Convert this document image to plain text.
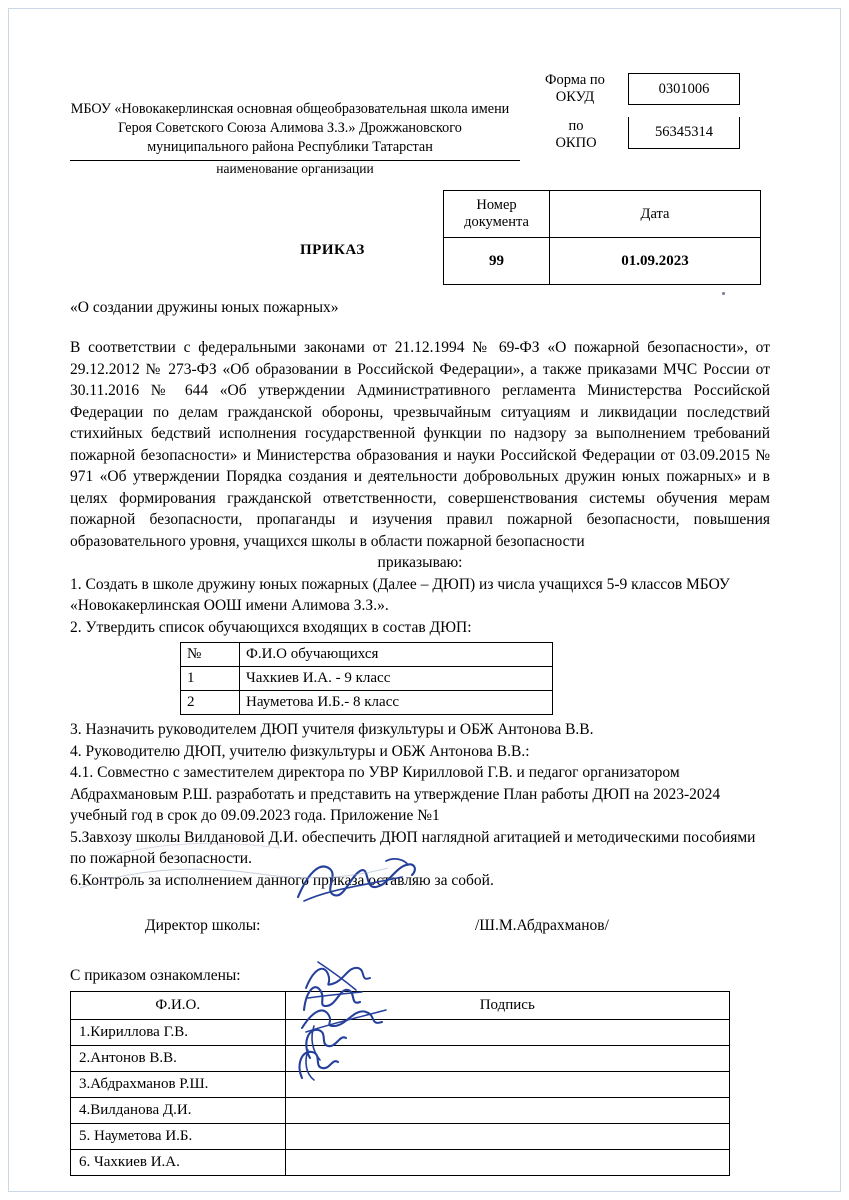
Форма по
ОКУД
0301006
по
ОКПО
56345314
МБОУ «Новокакерлинская основная общеобразовательная школа имени Героя Советского Союза Алимова З.З.» Дрожжановского муниципального района Республики Татарстан
наименование организации
Номер
документа	Дата
99	01.09.2023
ПРИКАЗ
«О создании дружины юных пожарных»
В соответствии с федеральными законами от 21.12.1994 № 69-ФЗ «О пожарной безопасности», от 29.12.2012 № 273-ФЗ «Об образовании в Российской Федерации», а также приказами МЧС России от 30.11.2016 № 644 «Об утверждении Административного регламента Министерства Российской Федерации по делам гражданской обороны, чрезвычайным ситуациям и ликвидации последствий стихийных бедствий исполнения государственной функции по надзору за выполнением требований пожарной безопасности» и Министерства образования и науки Российской Федерации от 03.09.2015 № 971 «Об утверждении Порядка создания и деятельности добровольных дружин юных пожарных» и в целях формирования гражданской ответственности, совершенствования системы обучения мерам пожарной безопасности, пропаганды и изучения правил пожарной безопасности, повышения образовательного уровня, учащихся школы в области пожарной безопасности
приказываю:
1. Создать в школе дружину юных пожарных (Далее – ДЮП) из числа учащихся 5-9 классов МБОУ «Новокакерлинская ООШ имени Алимова З.З.».
2. Утвердить список обучающихся входящих в состав ДЮП:
№	Ф.И.О обучающихся
1	Чахкиев И.А. - 9 класс
2	Науметова И.Б.- 8 класс
3. Назначить руководителем ДЮП учителя физкультуры и ОБЖ Антонова В.В.
4. Руководителю ДЮП, учителю физкультуры и ОБЖ Антонова В.В.:
4.1. Совместно с заместителем директора по УВР Кирилловой Г.В. и педагог организатором Абдрахмановым Р.Ш. разработать и представить на утверждение План работы ДЮП на 2023-2024 учебный год в срок до 09.09.2023 года. Приложение №1
5.Завхозу школы Вилдановой Д.И. обеспечить ДЮП наглядной агитацией и методическими пособиями по пожарной безопасности.
6.Контроль за исполнением данного приказа оставляю за собой.
Директор школы:	/Ш.М.Абдрахманов/
С приказом ознакомлены:
Ф.И.О.	Подпись
1.Кириллова Г.В.	
2.Антонов В.В.	
3.Абдрахманов Р.Ш.	
4.Вилданова Д.И.	
5. Науметова И.Б.	
6. Чахкиев И.А.	
